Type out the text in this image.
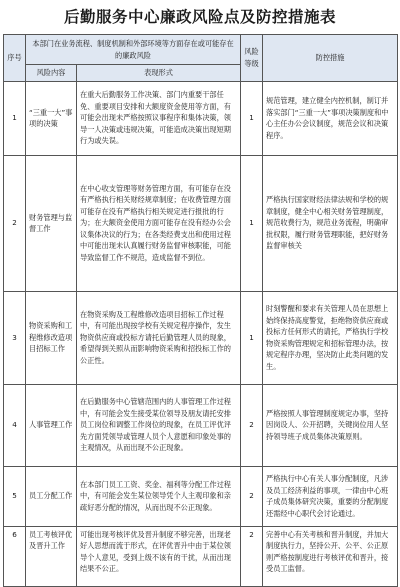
后勤服务中心廉政风险点及防控措施表
序号	本部门在业务流程、制度机制和外部环境等方面存在或可能存在的廉政风险		风险等级	防控措施
	风险内容	表现形式		
1	“三重一大”事项的决策	在重大后勤服务工作决策、部门内重要干部任免、重要项目安排和大额度资金使用等方面，有可能会出现未严格按照议事程序和集体决策，领导一人决策或违规决策，可能造成决策出现短期行为或失误。	1	规范管理，建立健全内控机制，制订并落实部门“三重一大”事项决策制度和中心主任办公会议制度，规范会议和决策程序。
2	财务管理与监督工作	在中心收支管理等财务管理方面，有可能存在没有严格执行相关财经规章制度；在收费管理方面可能存在没有严格执行相关规定进行报批的行为；在大额资金使用方面可能存在没有经办公会议集体决议的行为；在各类经费支出和使用过程中可能出现未认真履行财务监督审核职能，可能导致监督工作不规范，造成监督不到位。	1	严格执行国家财经法律法规和学校的规章制度，健全中心相关财务管理制度，规范收费行为，规范业务流程，明确审批权限，履行财务管理职能，把好财务监督审核关
3	物资采购和工程维修改造项目招标工作	在物资采购及工程维修改造项目招标工作过程中，有可能出现按学校有关规定程序操作，发生物资供应商或投标方请托后勤管理人员的现象，希望得到关照从而影响物资采购和招投标工作的公正性。	1	时刻警醒和要求有关管理人员在思想上始终保持高度警觉，拒绝物资供应商或投标方任何形式的请托，严格执行学校物资采购管理规定和招标管理办法，按规定程序办理，坚决防止此类问题的发生。
4	人事管理工作	在后勤服务中心管辖范围内的人事管理工作过程中，有可能会发生接受某位领导及朋友请托安排员工岗位和调整工作岗位的现象，在员工评优评先方面凭领导或管理人员个人意愿和印象处事的主观情况，从而出现不公正现象。	2	严格按照人事管理制度规定办事，坚持因岗设人、公开招聘，关键岗位用人坚持领导班子成员集体决策原则。
5	员工分配工作	在本部门员工工资、奖金、福利等分配工作过程中，有可能会发生某位领导凭个人主观印象和亲疏好恶分配的情况，从而出现不公正现象。	2	严格执行中心有关人事分配制度，凡涉及员工经济利益的事项，一律由中心班子成员集体研究决策，重要的分配制度还需经中心职代会讨论通过。
6	员工考核评优及晋升工作	可能出现考核评优及晋升制度不够完善，出现老好人思想而流于形式，在评优晋升中由于某位领导个人意见，受到上级不该有的干扰，从而出现结果不公正。	2	完善中心有关考核和晋升制度，并加大制度执行力，坚持公开、公平、公正原则严格按制度进行考核评优和晋升，接受员工监督。
